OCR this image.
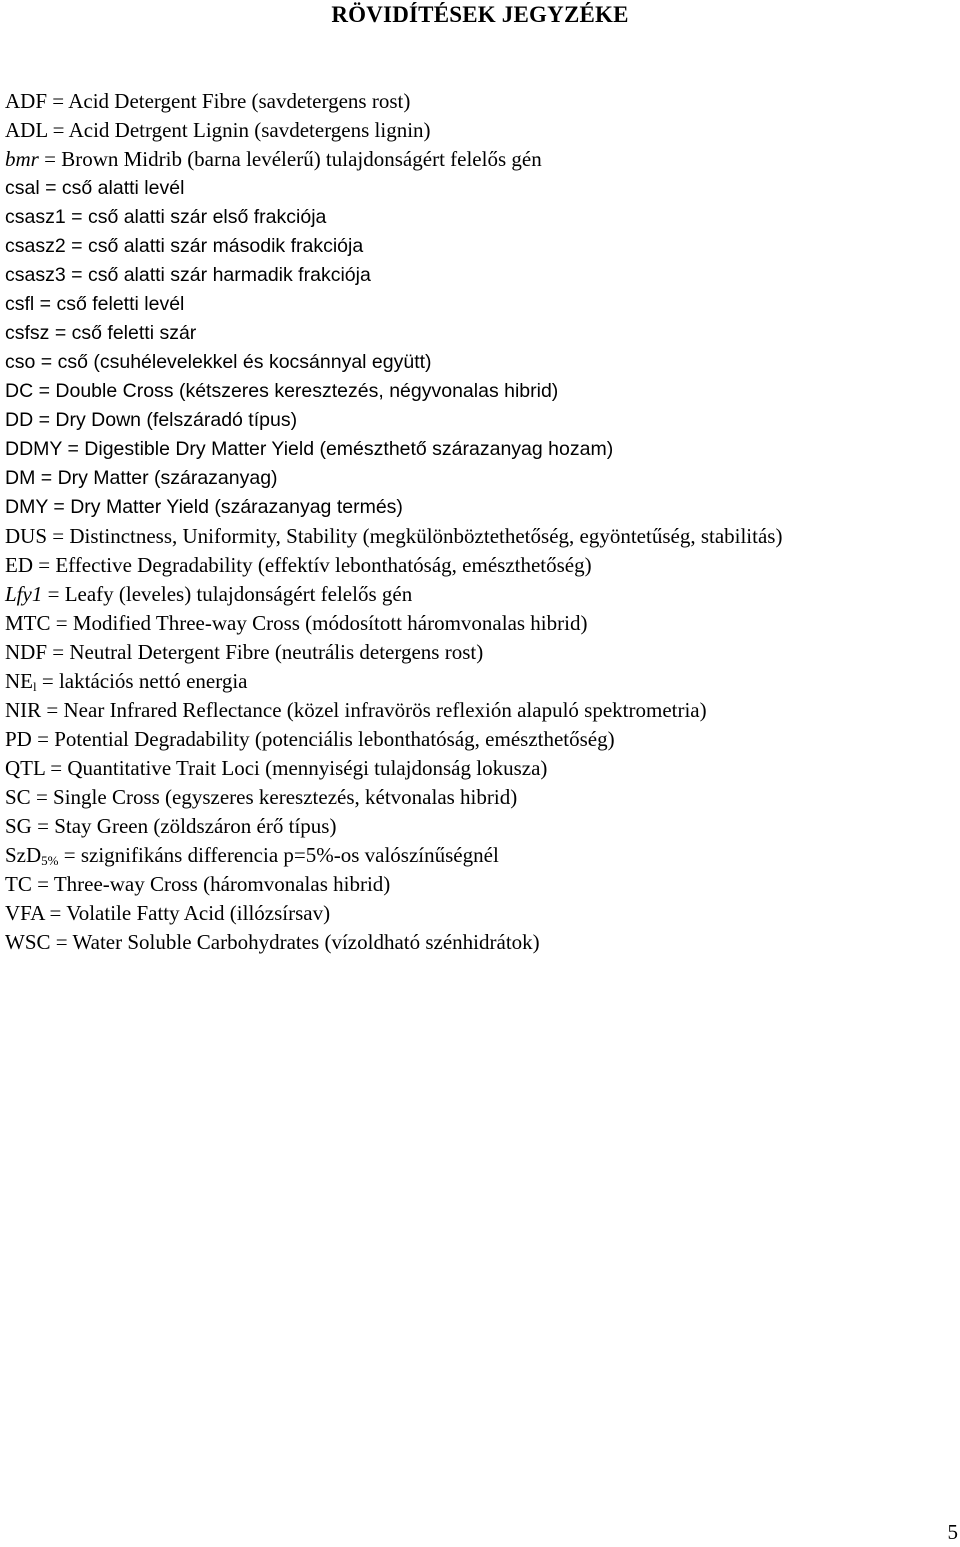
RÖVIDÍTÉSEK JEGYZÉKE
ADF = Acid Detergent Fibre (savdetergens rost)
ADL = Acid Detrgent Lignin (savdetergens lignin)
bmr = Brown Midrib (barna levélerű) tulajdonságért felelős gén
csal = cső alatti levél
csasz1 = cső alatti szár első frakciója
csasz2 = cső alatti szár második frakciója
csasz3 = cső alatti szár harmadik frakciója
csfl = cső feletti levél
csfsz = cső feletti szár
cso = cső (csuhélevelekkel és kocsánnyal együtt)
DC = Double Cross (kétszeres keresztezés, négyvonalas hibrid)
DD = Dry Down (felszáradó típus)
DDMY = Digestible Dry Matter Yield (emészthető szárazanyag hozam)
DM = Dry Matter (szárazanyag)
DMY = Dry Matter Yield (szárazanyag termés)
DUS = Distinctness, Uniformity, Stability (megkülönböztethetőség, egyöntetűség, stabilitás)
ED = Effective Degradability (effektív lebonthatóság, emészthetőség)
Lfy1 = Leafy (leveles) tulajdonságért felelős gén
MTC = Modified Three-way Cross (módosított háromvonalas hibrid)
NDF = Neutral Detergent Fibre (neutrális detergens rost)
$NE_l$ = laktációs nettó energia
NIR = Near Infrared Reflectance (közel infravörös reflexión alapuló spektrometria)
PD = Potential Degradability (potenciális lebonthatóság, emészthetőség)
QTL = Quantitative Trait Loci (mennyiségi tulajdonság lokusza)
SC = Single Cross (egyszeres keresztezés, kétvonalas hibrid)
SG = Stay Green (zöldszáron érő típus)
SzD$_{5\%}$ = szignifikáns differencia p=5%-os valószínűségnél
TC = Three-way Cross (háromvonalas hibrid)
VFA = Volatile Fatty Acid (illózsírsav)
WSC = Water Soluble Carbohydrates (vízoldható szénhidrátok)
5
